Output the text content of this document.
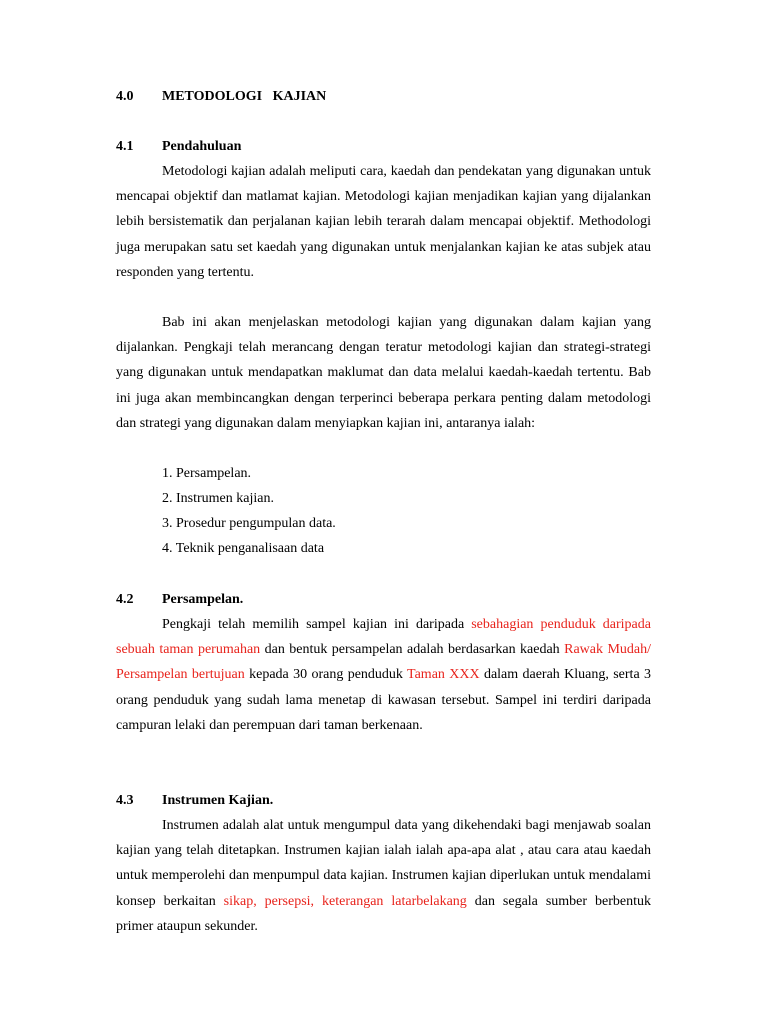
4.0 METODOLOGI   KAJIAN
4.1 Pendahuluan

Metodologi kajian adalah meliputi cara, kaedah dan pendekatan yang digunakan untuk mencapai objektif dan matlamat kajian. Metodologi kajian menjadikan kajian yang dijalankan lebih bersistematik dan perjalanan kajian lebih terarah dalam mencapai objektif. Methodologi juga merupakan satu set kaedah yang digunakan untuk menjalankan kajian ke atas subjek atau responden yang tertentu.

Bab ini akan menjelaskan metodologi kajian yang digunakan dalam kajian yang dijalankan. Pengkaji telah merancang dengan teratur metodologi kajian dan strategi-strategi yang digunakan untuk mendapatkan maklumat dan data melalui kaedah-kaedah tertentu. Bab ini juga akan membincangkan dengan terperinci beberapa perkara penting dalam metodologi dan strategi yang digunakan dalam menyiapkan kajian ini, antaranya ialah:

1. Persampelan.
2. Instrumen kajian.
3. Prosedur pengumpulan data.
4. Teknik penganalisaan data
4.2 Persampelan.

Pengkaji telah memilih sampel kajian ini daripada sebahagian penduduk daripada sebuah taman perumahan dan bentuk persampelan adalah berdasarkan kaedah Rawak Mudah/ Persampelan bertujuan kepada 30 orang penduduk Taman XXX dalam daerah Kluang, serta 3 orang penduduk yang sudah lama menetap di kawasan tersebut. Sampel ini terdiri daripada campuran lelaki dan perempuan dari taman berkenaan.

4.3 Instrumen Kajian.

Instrumen adalah alat untuk mengumpul data yang dikehendaki bagi menjawab soalan kajian yang telah ditetapkan. Instrumen kajian ialah ialah apa-apa alat , atau cara atau kaedah untuk memperolehi dan menpumpul data kajian. Instrumen kajian diperlukan untuk mendalami konsep berkaitan sikap, persepsi, keterangan latarbelakang dan segala sumber berbentuk primer ataupun sekunder.
